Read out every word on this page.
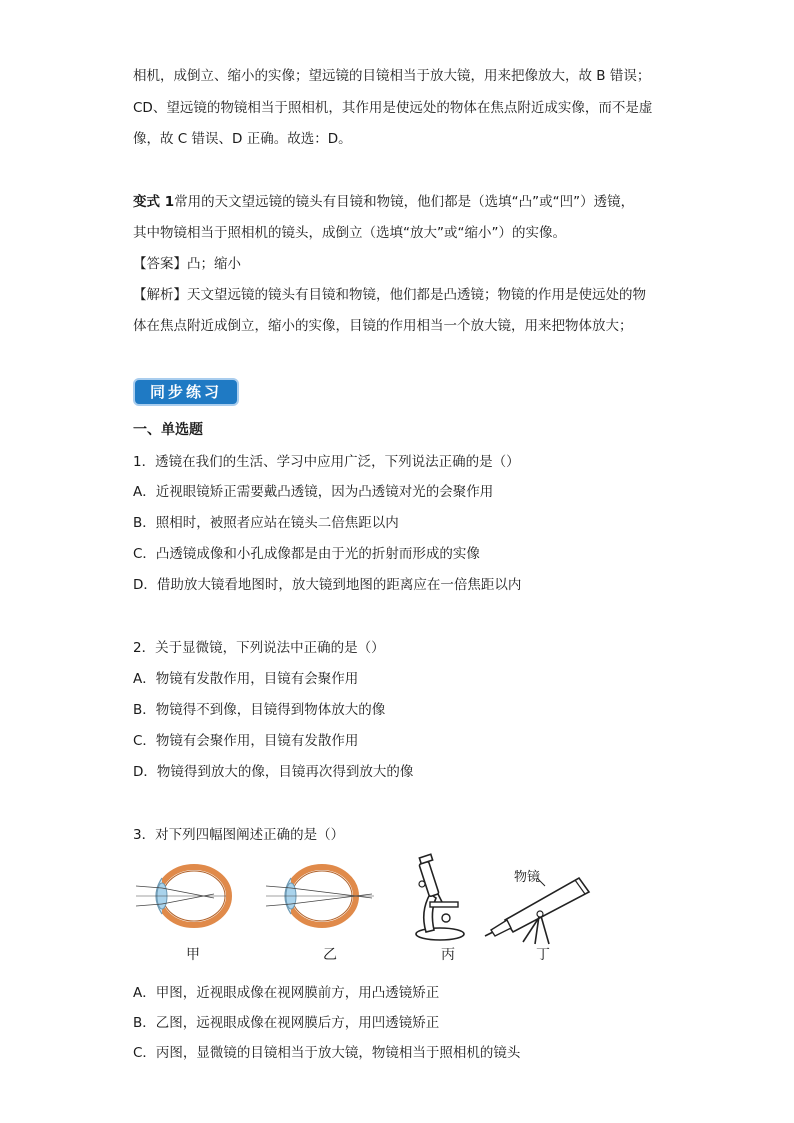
相机，成倒立、缩小的实像；望远镜的目镜相当于放大镜，用来把像放大，故 B 错误；
CD、望远镜的物镜相当于照相机，其作用是使远处的物体在焦点附近成实像，而不是虚
像，故 C 错误、D 正确。故选：D。
变式 1常用的天文望远镜的镜头有目镜和物镜，他们都是（选填“凸”或“凹”）透镜，
其中物镜相当于照相机的镜头，成倒立（选填“放大”或“缩小”）的实像。
【答案】凸；缩小
【解析】天文望远镜的镜头有目镜和物镜，他们都是凸透镜；物镜的作用是使远处的物
体在焦点附近成倒立，缩小的实像，目镜的作用相当一个放大镜，用来把物体放大；
同步练习
一、单选题
1．透镜在我们的生活、学习中应用广泛，下列说法正确的是（）
A．近视眼镜矫正需要戴凸透镜，因为凸透镜对光的会聚作用
B．照相时，被照者应站在镜头二倍焦距以内
C．凸透镜成像和小孔成像都是由于光的折射而形成的实像
D．借助放大镜看地图时，放大镜到地图的距离应在一倍焦距以内
2．关于显微镜，下列说法中正确的是（）
A．物镜有发散作用，目镜有会聚作用
B．物镜得不到像，目镜得到物体放大的像
C．物镜有会聚作用，目镜有发散作用
D．物镜得到放大的像，目镜再次得到放大的像
3．对下列四幅图阐述正确的是（）
甲	乙	丙
物镜
丁
A．甲图，近视眼成像在视网膜前方，用凸透镜矫正
B．乙图，远视眼成像在视网膜后方，用凹透镜矫正
C．丙图，显微镜的目镜相当于放大镜，物镜相当于照相机的镜头
